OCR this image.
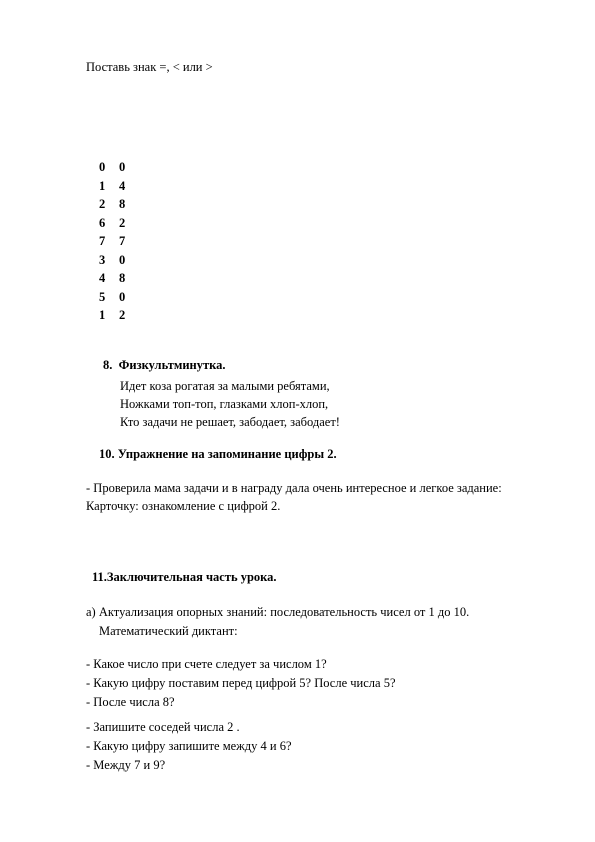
Поставь знак =, < или >
0	0
1	4
2	8
6	2
7	7
3	0
4	8
5	0
1	2
8. Физкультминутка.
Идет коза рогатая за малыми ребятами,
Ножками топ-топ, глазками хлоп-хлоп,
Кто задачи не решает, забодает, забодает!
10. Упражнение на запоминание цифры 2.
- Проверила мама задачи и в награду дала очень интересное и легкое задание:
Карточку: ознакомление с цифрой 2.
11.Заключительная часть урока.
а) Актуализация опорных знаний: последовательность чисел от 1 до 10.
Математический диктант:
- Какое число при счете следует за числом 1?
- Какую цифру поставим перед цифрой 5? После числа 5?
- После числа 8?
- Запишите соседей числа 2 .
- Какую цифру запишите между 4 и 6?
- Между 7 и 9?
